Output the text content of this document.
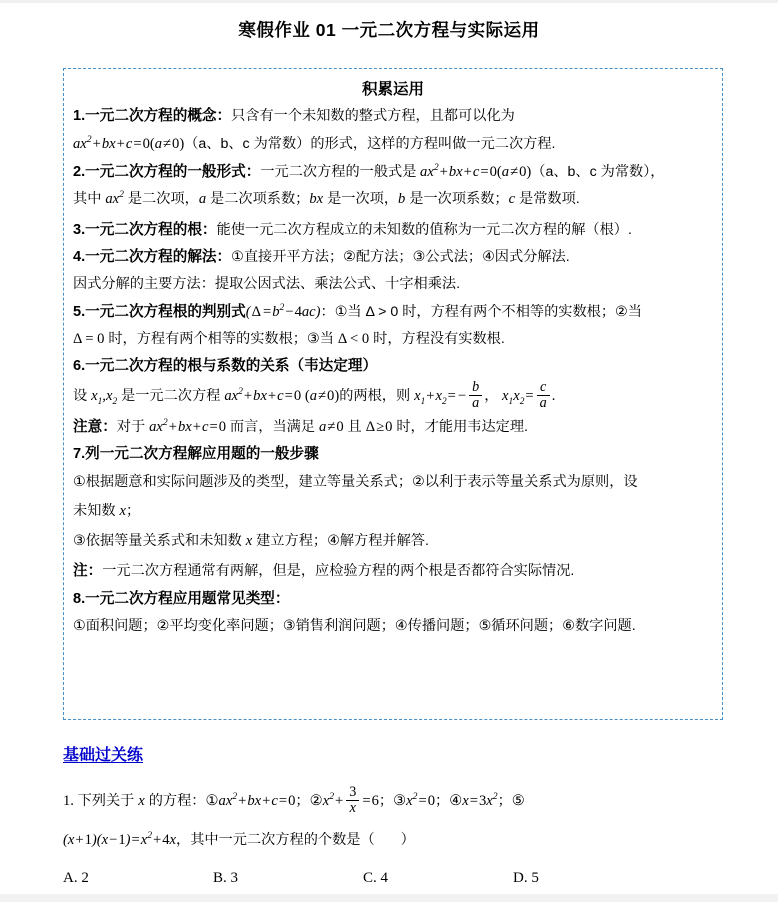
寒假作业 01 一元二次方程与实际运用
积累运用
1.一元二次方程的概念：只含有一个未知数的整式方程，且都可以化为
$ax^2+bx+c=0(a\ne 0)(a$、b、c 为常数）的形式，这样的方程叫做一元二次方程.
2.一元二次方程的一般形式：一元二次方程的一般式是 $ax^2+bx+c=0(a\ne 0)(a$、b、c 为常数），
其中 $ax^2$ 是二次项，a 是二次项系数；bx 是一次项，b 是一次项系数；c 是常数项.
3.一元二次方程的根：能使一元二次方程成立的未知数的值称为一元二次方程的解（根）.
4.一元二次方程的解法：①直接开平方法；②配方法；③公式法；④因式分解法.
因式分解的主要方法：提取公因式法、乘法公式、十字相乘法.
5.一元二次方程根的判别式$(\Delta =b^2-4ac)$：①当 Δ > 0 时，方程有两个不相等的实数根；②当
Δ = 0 时，方程有两个相等的实数根；③当 Δ < 0 时，方程没有实数根.
6.一元二次方程的根与系数的关系（韦达定理）
设 $x_1,x_2$ 是一元二次方程 $ax^2+bx+c=0$ (a≠0)的两根，则 $x_1+x_2= - \frac{b}{a}$ ， $x_1x_2= \frac{c}{a}$ .
注意：对于 $ax^2+bx+c=0$ 而言，当满足 a≠0 且 Δ≥0 时，才能用韦达定理.
7.列一元二次方程解应用题的一般步骤
①根据题意和实际问题涉及的类型，建立等量关系式；②以利于表示等量关系式为原则，设
未知数 x；
③依据等量关系式和未知数 x 建立方程；④解方程并解答.
注：一元二次方程通常有两解，但是，应检验方程的两个根是否都符合实际情况.
8.一元二次方程应用题常见类型：
①面积问题；②平均变化率问题；③销售利润问题；④传播问题；⑤循环问题；⑥数字问题.
基础过关练
1. 下列关于 x 的方程：$①ax^2+bx+c=0$；$②x^2+ \frac{3}{x} =6$；$③x^2=0$；$④x=3x^2$；⑤
$(x+1)(x-1)=x^2+4x$，其中一元二次方程的个数是（ ）
A. 2	B. 3	C. 4	D. 5
